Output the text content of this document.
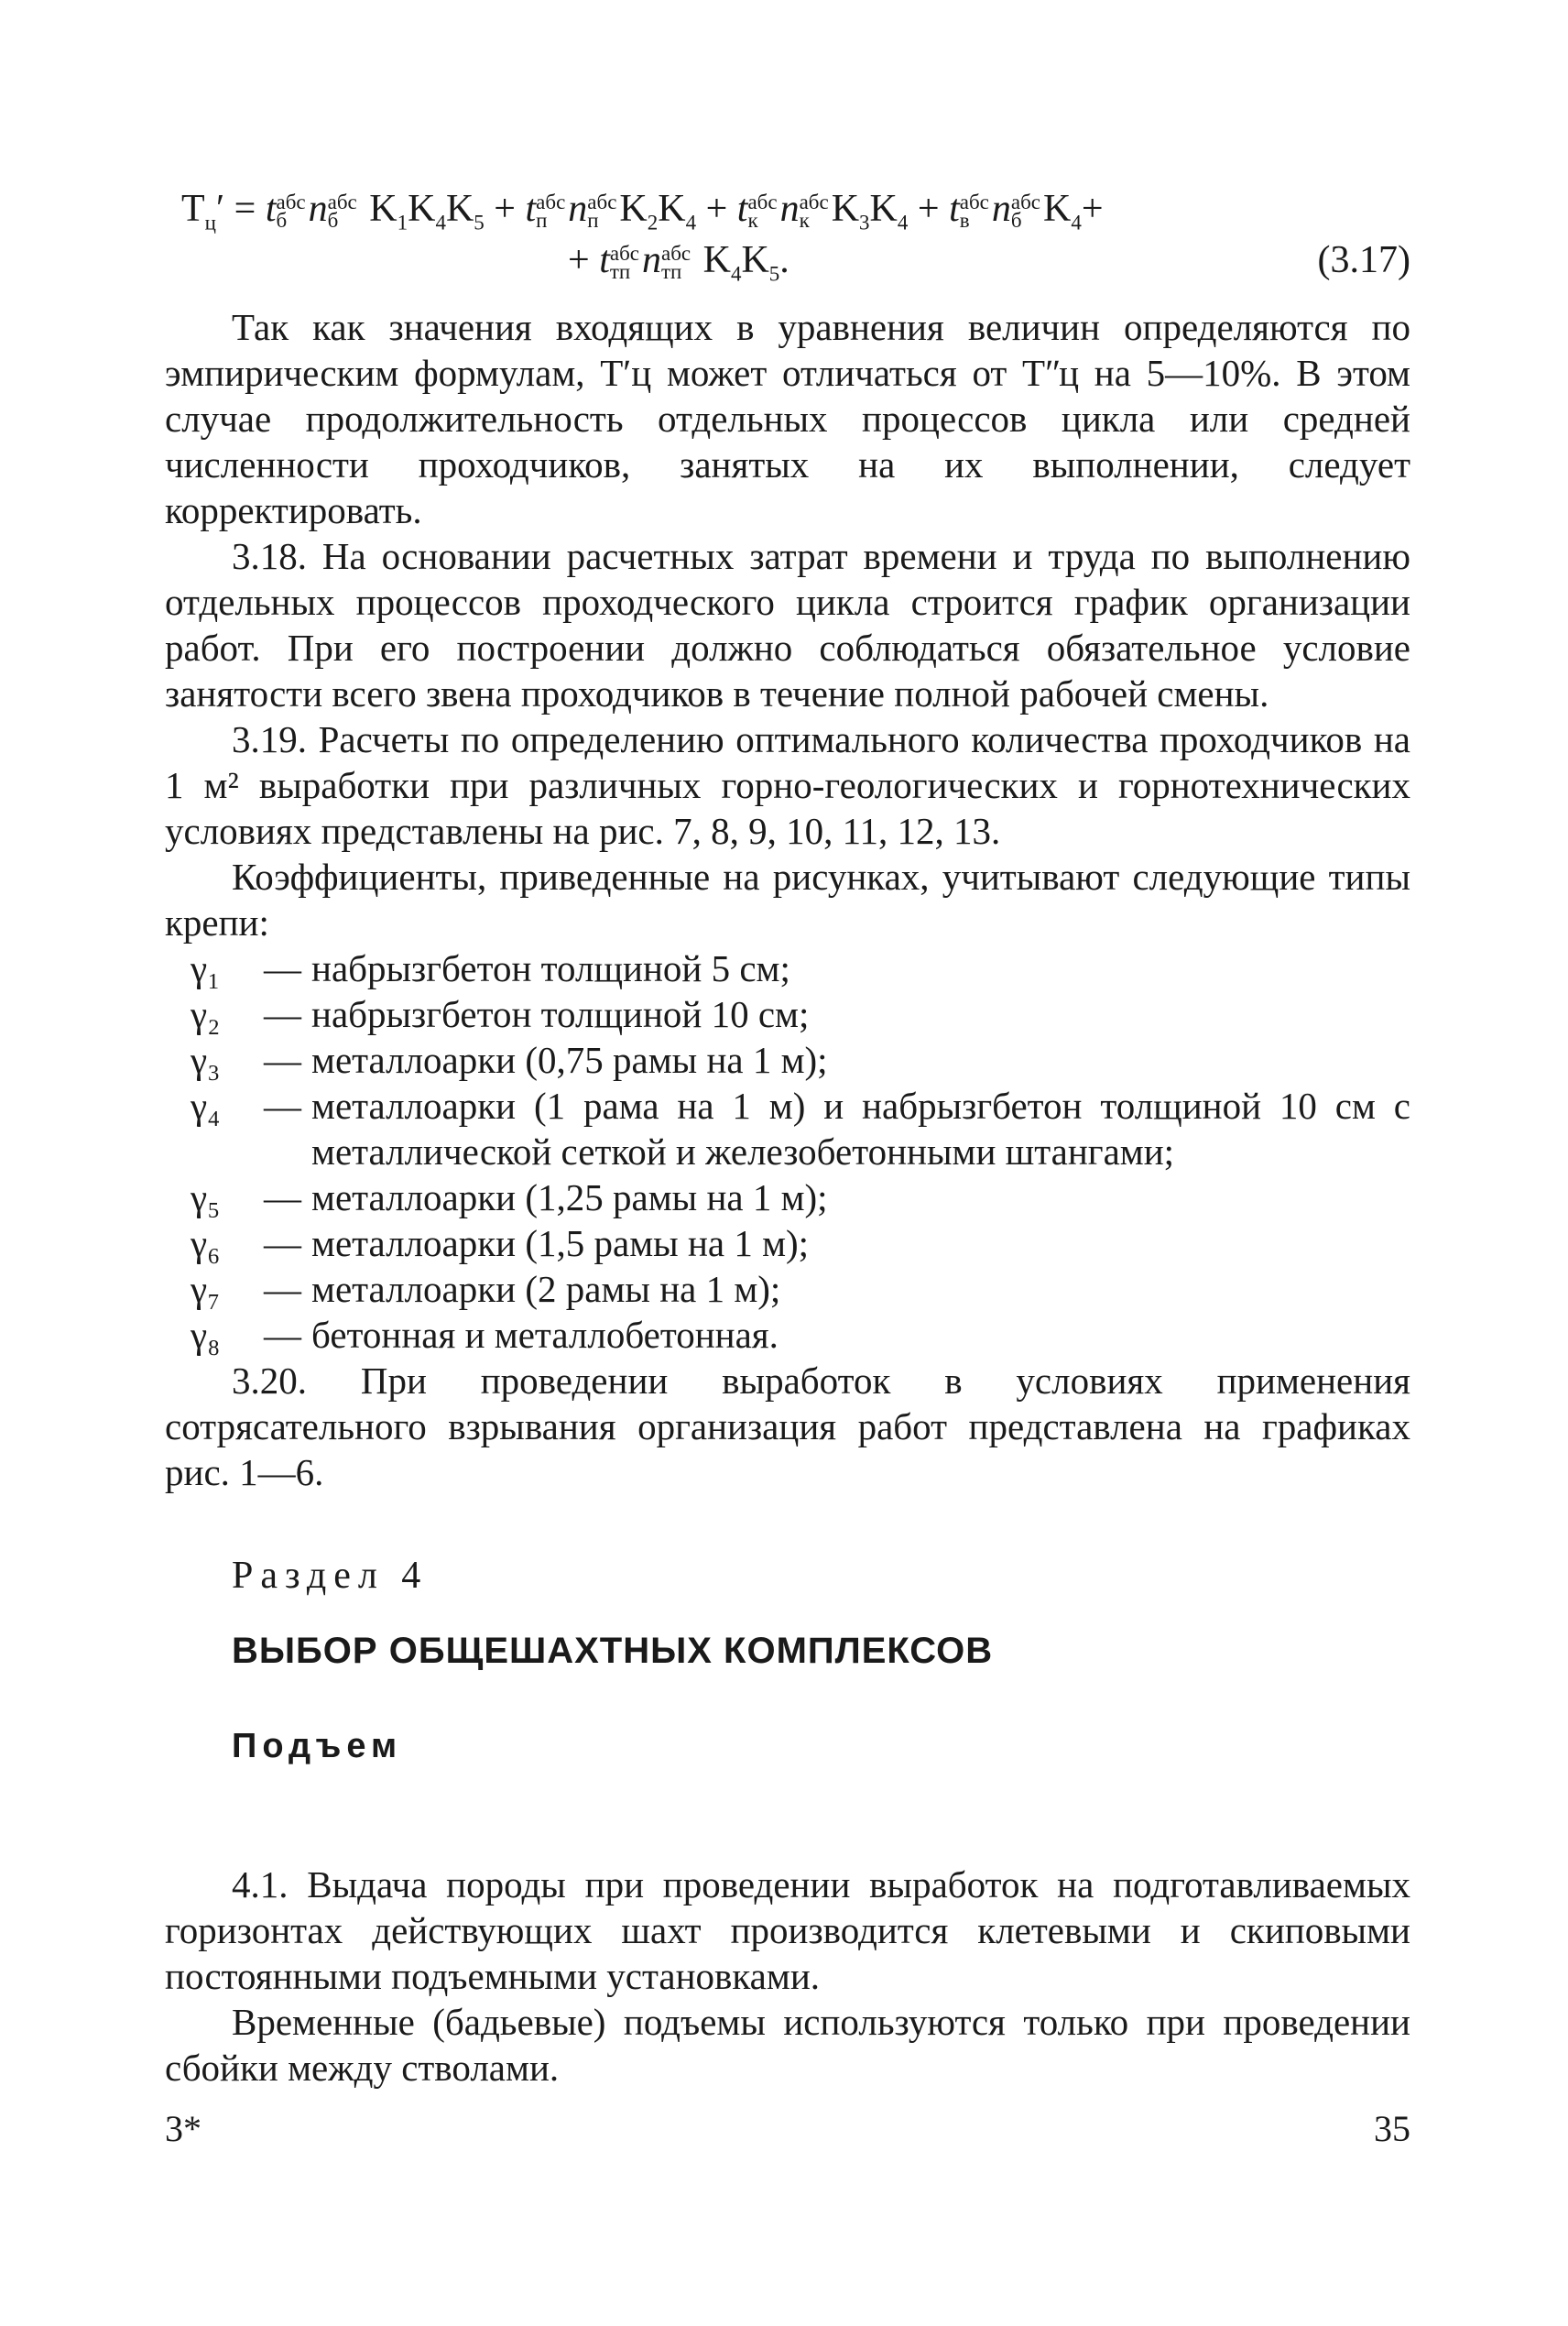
$T_цʹ = t$ абс
б n абс
б $K_1K_4K_5 + t$ абс
п n абс
п $K_2K_4 + t$ абс
к n абс
к $K_3K_4 + t$ абс
в n абс
б $K_4+$
+ t абс
тп n абс
тп $K_4K_5$.	(3.17)

Так как значения входящих в уравнения величин определяются по эмпирическим формулам, Tʹц может отличаться от Tʺц на 5—10%. В этом случае продолжительность отдельных процессов цикла или средней численности проходчиков, занятых на их выполнении, следует корректировать.

3.18. На основании расчетных затрат времени и труда по выполнению отдельных процессов проходческого цикла строится график организации работ. При его построении должно соблюдаться обязательное условие занятости всего звена проходчиков в течение полной рабочей смены.

3.19. Расчеты по определению оптимального количества проходчиков на 1 м² выработки при различных горно-геологических и горнотехнических условиях представлены на рис. 7, 8, 9, 10, 11, 12, 13.

Коэффициенты, приведенные на рисунках, учитывают следующие типы крепи:

γ₁	— набрызгбетон толщиной 5 см;
γ₂	— набрызгбетон толщиной 10 см;
γ₃	— металлоарки (0,75 рамы на 1 м);
γ₄	— металлоарки (1 рама на 1 м) и набрызгбетон толщиной 10 см с металлической сеткой и железобетонными штангами;
γ₅	— металлоарки (1,25 рамы на 1 м);
γ₆	— металлоарки (1,5 рамы на 1 м);
γ₇	— металлоарки (2 рамы на 1 м);
γ₈	— бетонная и металлобетонная.

3.20. При проведении выработок в условиях применения сотрясательного взрывания организация работ представлена на графиках рис. 1—6.

Раздел 4
ВЫБОР ОБЩЕШАХТНЫХ КОМПЛЕКСОВ
Подъем

4.1. Выдача породы при проведении выработок на подготавливаемых горизонтах действующих шахт производится клетевыми и скиповыми постоянными подъемными установками.

Временные (бадьевые) подъемы используются только при проведении сбойки между стволами.

3*	35
